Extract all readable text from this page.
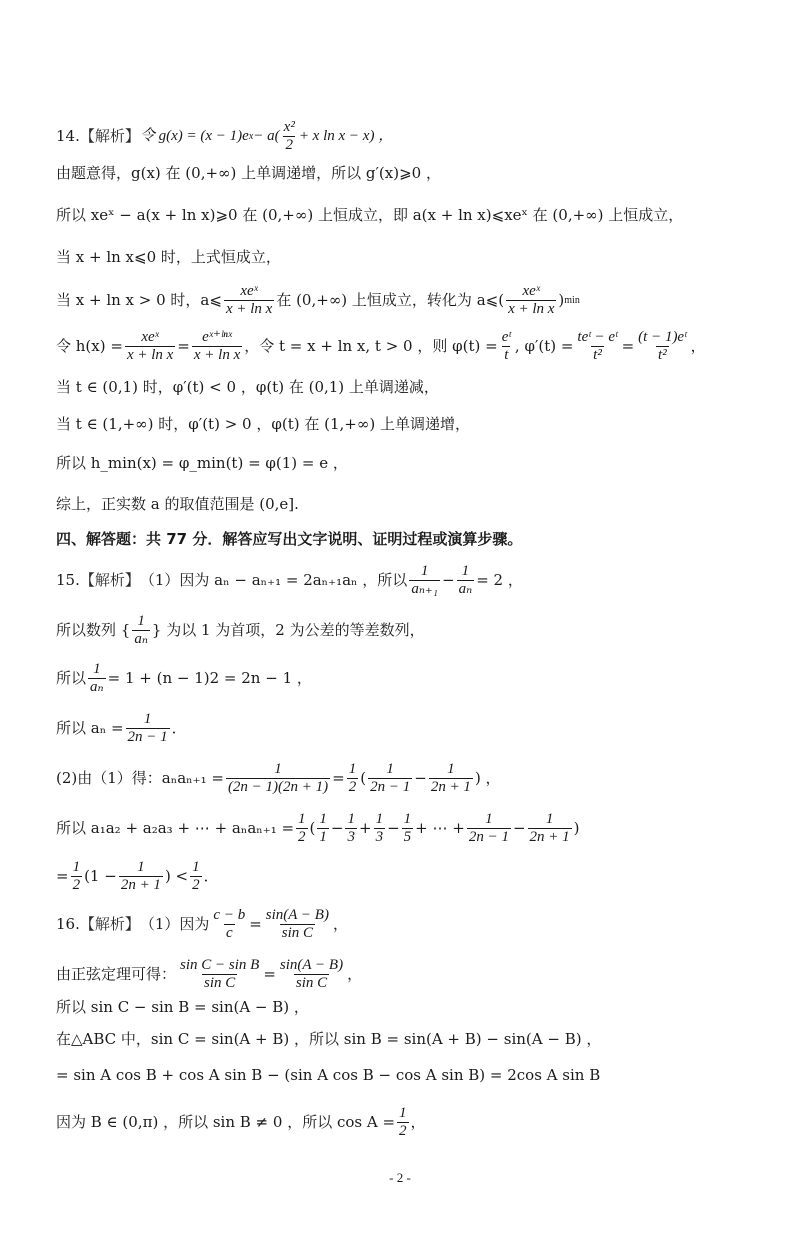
14. 【解析】 令 g(x) = (x − 1)e $x - a( \frac{\text{x²}}{2} + x$ ln x − x) ，
由题意得，g(x) 在 (0,+∞) 上单调递增，所以 g′(x)⩾0 ，
所以 xeˣ − a(x + ln x)⩾0 在 (0,+∞) 上恒成立，即 a(x + ln x)⩽xeˣ 在 (0,+∞) 上恒成立，
当 x + ln x⩽0 时，上式恒成立，
当 x + ln x > 0 时，a⩽ $\frac{\text{xeˣ}}{\text{x + ln x}}$ 在 (0,+∞) 上恒成立，转化为 a⩽( $\frac{\text{xeˣ}}{\text{x + ln x}}$ ) min
令 $h(x) = \frac{\text{xeˣ}}{\text{x + ln x}} = \frac{\text{eˣ⁺ˡⁿˣ}}{\text{x + ln x}}$ ，令 t = x + ln x, t > 0 ，则 $\varphi(t) = \frac{\text{eᵗ}}{t}$ , $\varphi'(t) = \frac{\text{teᵗ − eᵗ}}{\text{t²}} = \frac{\text{(t − 1)eᵗ}}{\text{t²}}$ ，
当 t ∈ (0,1) 时，φ′(t) < 0 ，φ(t) 在 (0,1) 上单调递减，
当 t ∈ (1,+∞) 时，φ′(t) > 0 ，φ(t) 在 (1,+∞) 上单调递增，
所以 h_min(x) = φ_min(t) = φ(1) = e ，
综上，正实数 a 的取值范围是 (0,e].
四、解答题：共 77 分．解答应写出文字说明、证明过程或演算步骤。
15. 【解析】 （1）因为 aₙ − aₙ₊₁ = 2aₙ₊₁aₙ ，所以 $\frac{1}{\text{aₙ₊₁}} - \frac{1}{\text{aₙ}} = 2$ ，
所以数列 { $\frac{1}{\text{aₙ}}$ } 为以 1 为首项，2 为公差的等差数列，
所以 $\frac{1}{\text{aₙ}} = 1 + (n - 1)2 = 2n - 1$ ，
所以 $a_n = \frac{1}{2n - 1}$ ．
(2)由（1）得：$a_na_{n+1} = \frac{1}{(2n - 1)(2n + 1)} = \frac{1}{2}$ ( $\frac{1}{2n - 1} - \frac{1}{2n + 1}$ ) ，
所以 a₁a₂ + a₂a₃ + ⋯ + $a_na_{n+1} = \frac{1}{2}$ ( $\frac{1}{1} - \frac{1}{3} + \frac{1}{3} - \frac{1}{5}$ + ⋯ + $\frac{1}{2n - 1} - \frac{1}{2n + 1}$ )
= $\frac{1}{2} (1 - \frac{1}{2n + 1}$ ) < $\frac{1}{2}$ ．
16. 【解析】 （1）因为 $\frac{c - b}{c} = \frac{\sin(A - B)}{\text{sin C}}$ ，
由正弦定理可得： $\frac{\text{sin C − sin B}}{\text{sin C}} = \frac{\sin(A - B)}{\text{sin C}}$ ，
所以 sin C − sin B = sin(A − B) ，
在△ABC 中，sin C = sin(A + B) ，所以 sin B = sin(A + B) − sin(A − B) ，
= sin A cos B + cos A sin B − (sin A cos B − cos A sin B) = 2cos A sin B
因为 B ∈ (0,π) ，所以 sin B ≠ 0 ，所以 $\cos A = \frac{1}{2}$ ，
- 2 -
